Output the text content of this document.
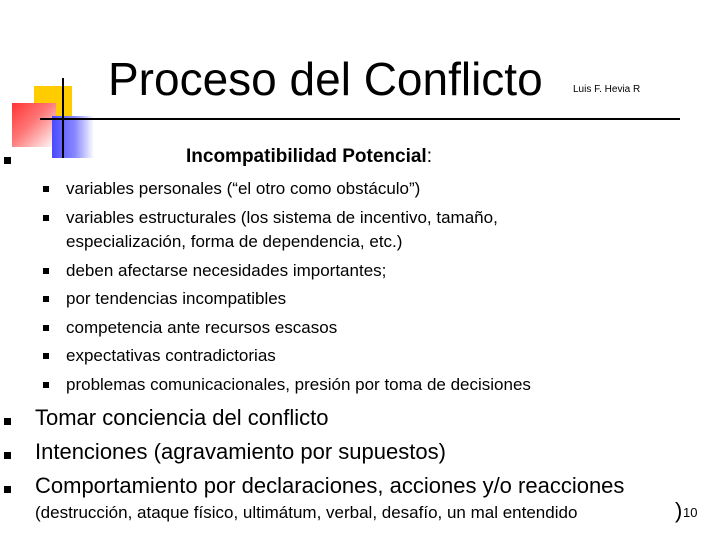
Proceso del Conflicto	Luis F. Hevia R
Incompatibilidad Potencial:
variables personales (“el otro como obstáculo”)
variables estructurales (los sistema de incentivo, tamaño,
especialización, forma de dependencia, etc.)
deben afectarse necesidades importantes;
por tendencias incompatibles
competencia ante recursos escasos
expectativas contradictorias
problemas comunicacionales, presión por toma de decisiones
Tomar conciencia del conflicto
Intenciones (agravamiento por supuestos)
Comportamiento por declaraciones, acciones y/o reacciones
(destrucción, ataque físico, ultimátum, verbal, desafío, un mal entendido	) 10
